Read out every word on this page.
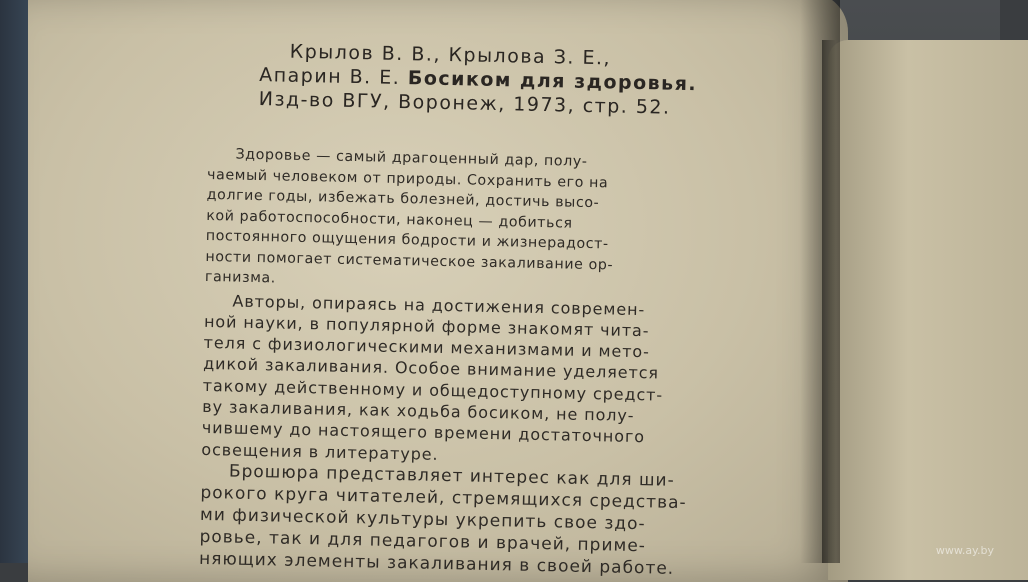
Крылов В. В., Крылова З. Е.,
Апарин В. Е. Босиком для здоровья.
Изд-во ВГУ, Воронеж, 1973, стр. 52.
Здоровье — самый драгоценный дар, полу-
чаемый человеком от природы. Сохранить его на
долгие годы, избежать болезней, достичь высо-
кой работоспособности, наконец — добиться
постоянного ощущения бодрости и жизнерадост-
ности помогает систематическое закаливание ор-
ганизма.
Авторы, опираясь на достижения современ-
ной науки, в популярной форме знакомят чита-
теля с физиологическими механизмами и мето-
дикой закаливания. Особое внимание уделяется
такому действенному и общедоступному средст-
ву закаливания, как ходьба босиком, не полу-
чившему до настоящего времени достаточного
освещения в литературе.
Брошюра представляет интерес как для ши-
рокого круга читателей, стремящихся средства-
ми физической культуры укрепить свое здо-
ровье, так и для педагогов и врачей, приме-
няющих элементы закаливания в своей работе.	www.ay.by
